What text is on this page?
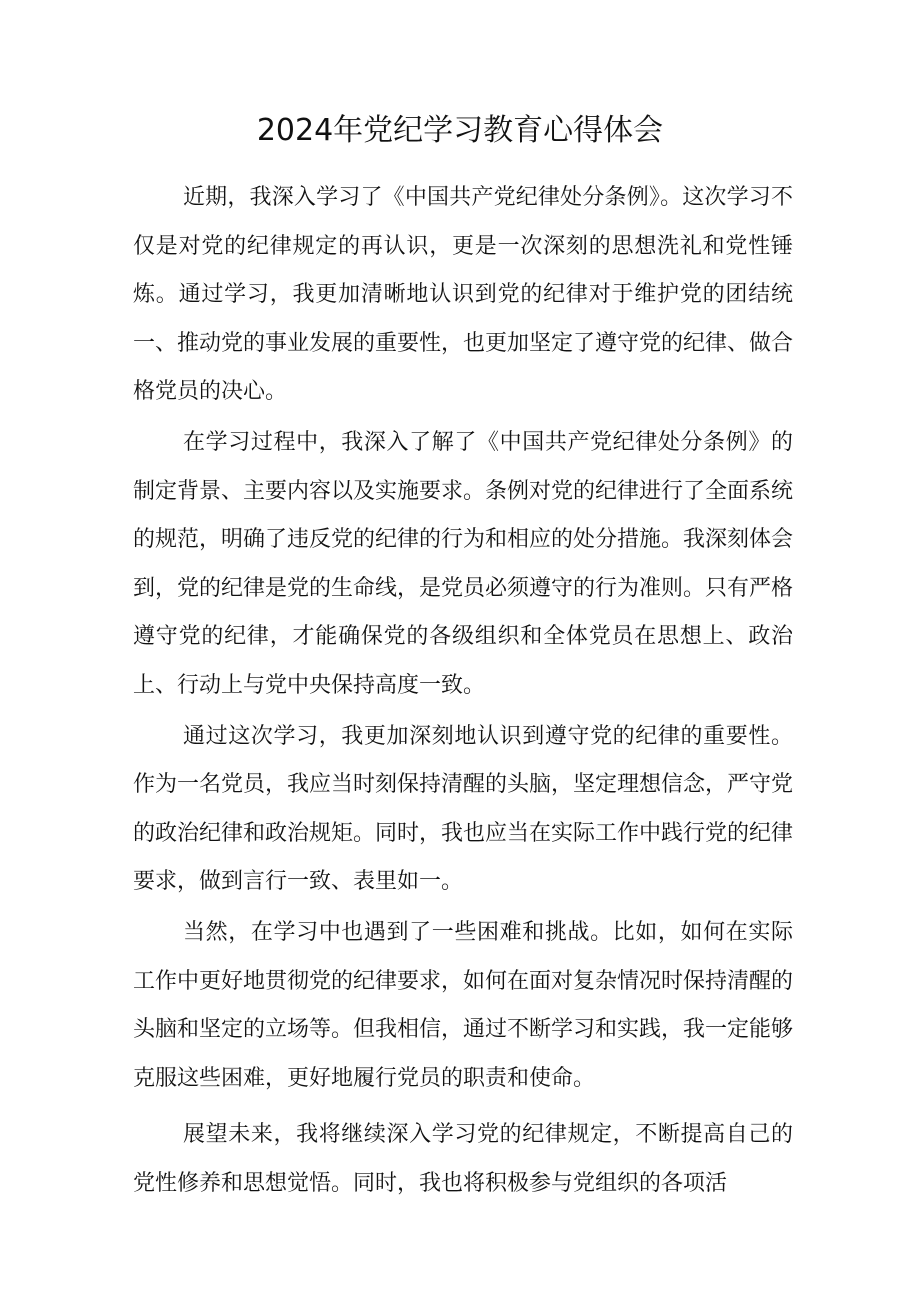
2024年党纪学习教育心得体会

近期，我深入学习了《中国共产党纪律处分条例》。这次学习不仅是对党的纪律规定的再认识，更是一次深刻的思想洗礼和党性锤炼。通过学习，我更加清晰地认识到党的纪律对于维护党的团结统一、推动党的事业发展的重要性，也更加坚定了遵守党的纪律、做合格党员的决心。

在学习过程中，我深入了解了《中国共产党纪律处分条例》的制定背景、主要内容以及实施要求。条例对党的纪律进行了全面系统的规范，明确了违反党的纪律的行为和相应的处分措施。我深刻体会到，党的纪律是党的生命线，是党员必须遵守的行为准则。只有严格遵守党的纪律，才能确保党的各级组织和全体党员在思想上、政治上、行动上与党中央保持高度一致。

通过这次学习，我更加深刻地认识到遵守党的纪律的重要性。作为一名党员，我应当时刻保持清醒的头脑，坚定理想信念，严守党的政治纪律和政治规矩。同时，我也应当在实际工作中践行党的纪律要求，做到言行一致、表里如一。

当然，在学习中也遇到了一些困难和挑战。比如，如何在实际工作中更好地贯彻党的纪律要求，如何在面对复杂情况时保持清醒的头脑和坚定的立场等。但我相信，通过不断学习和实践，我一定能够克服这些困难，更好地履行党员的职责和使命。

展望未来，我将继续深入学习党的纪律规定，不断提高自己的党性修养和思想觉悟。同时，我也将积极参与党组织的各项活
